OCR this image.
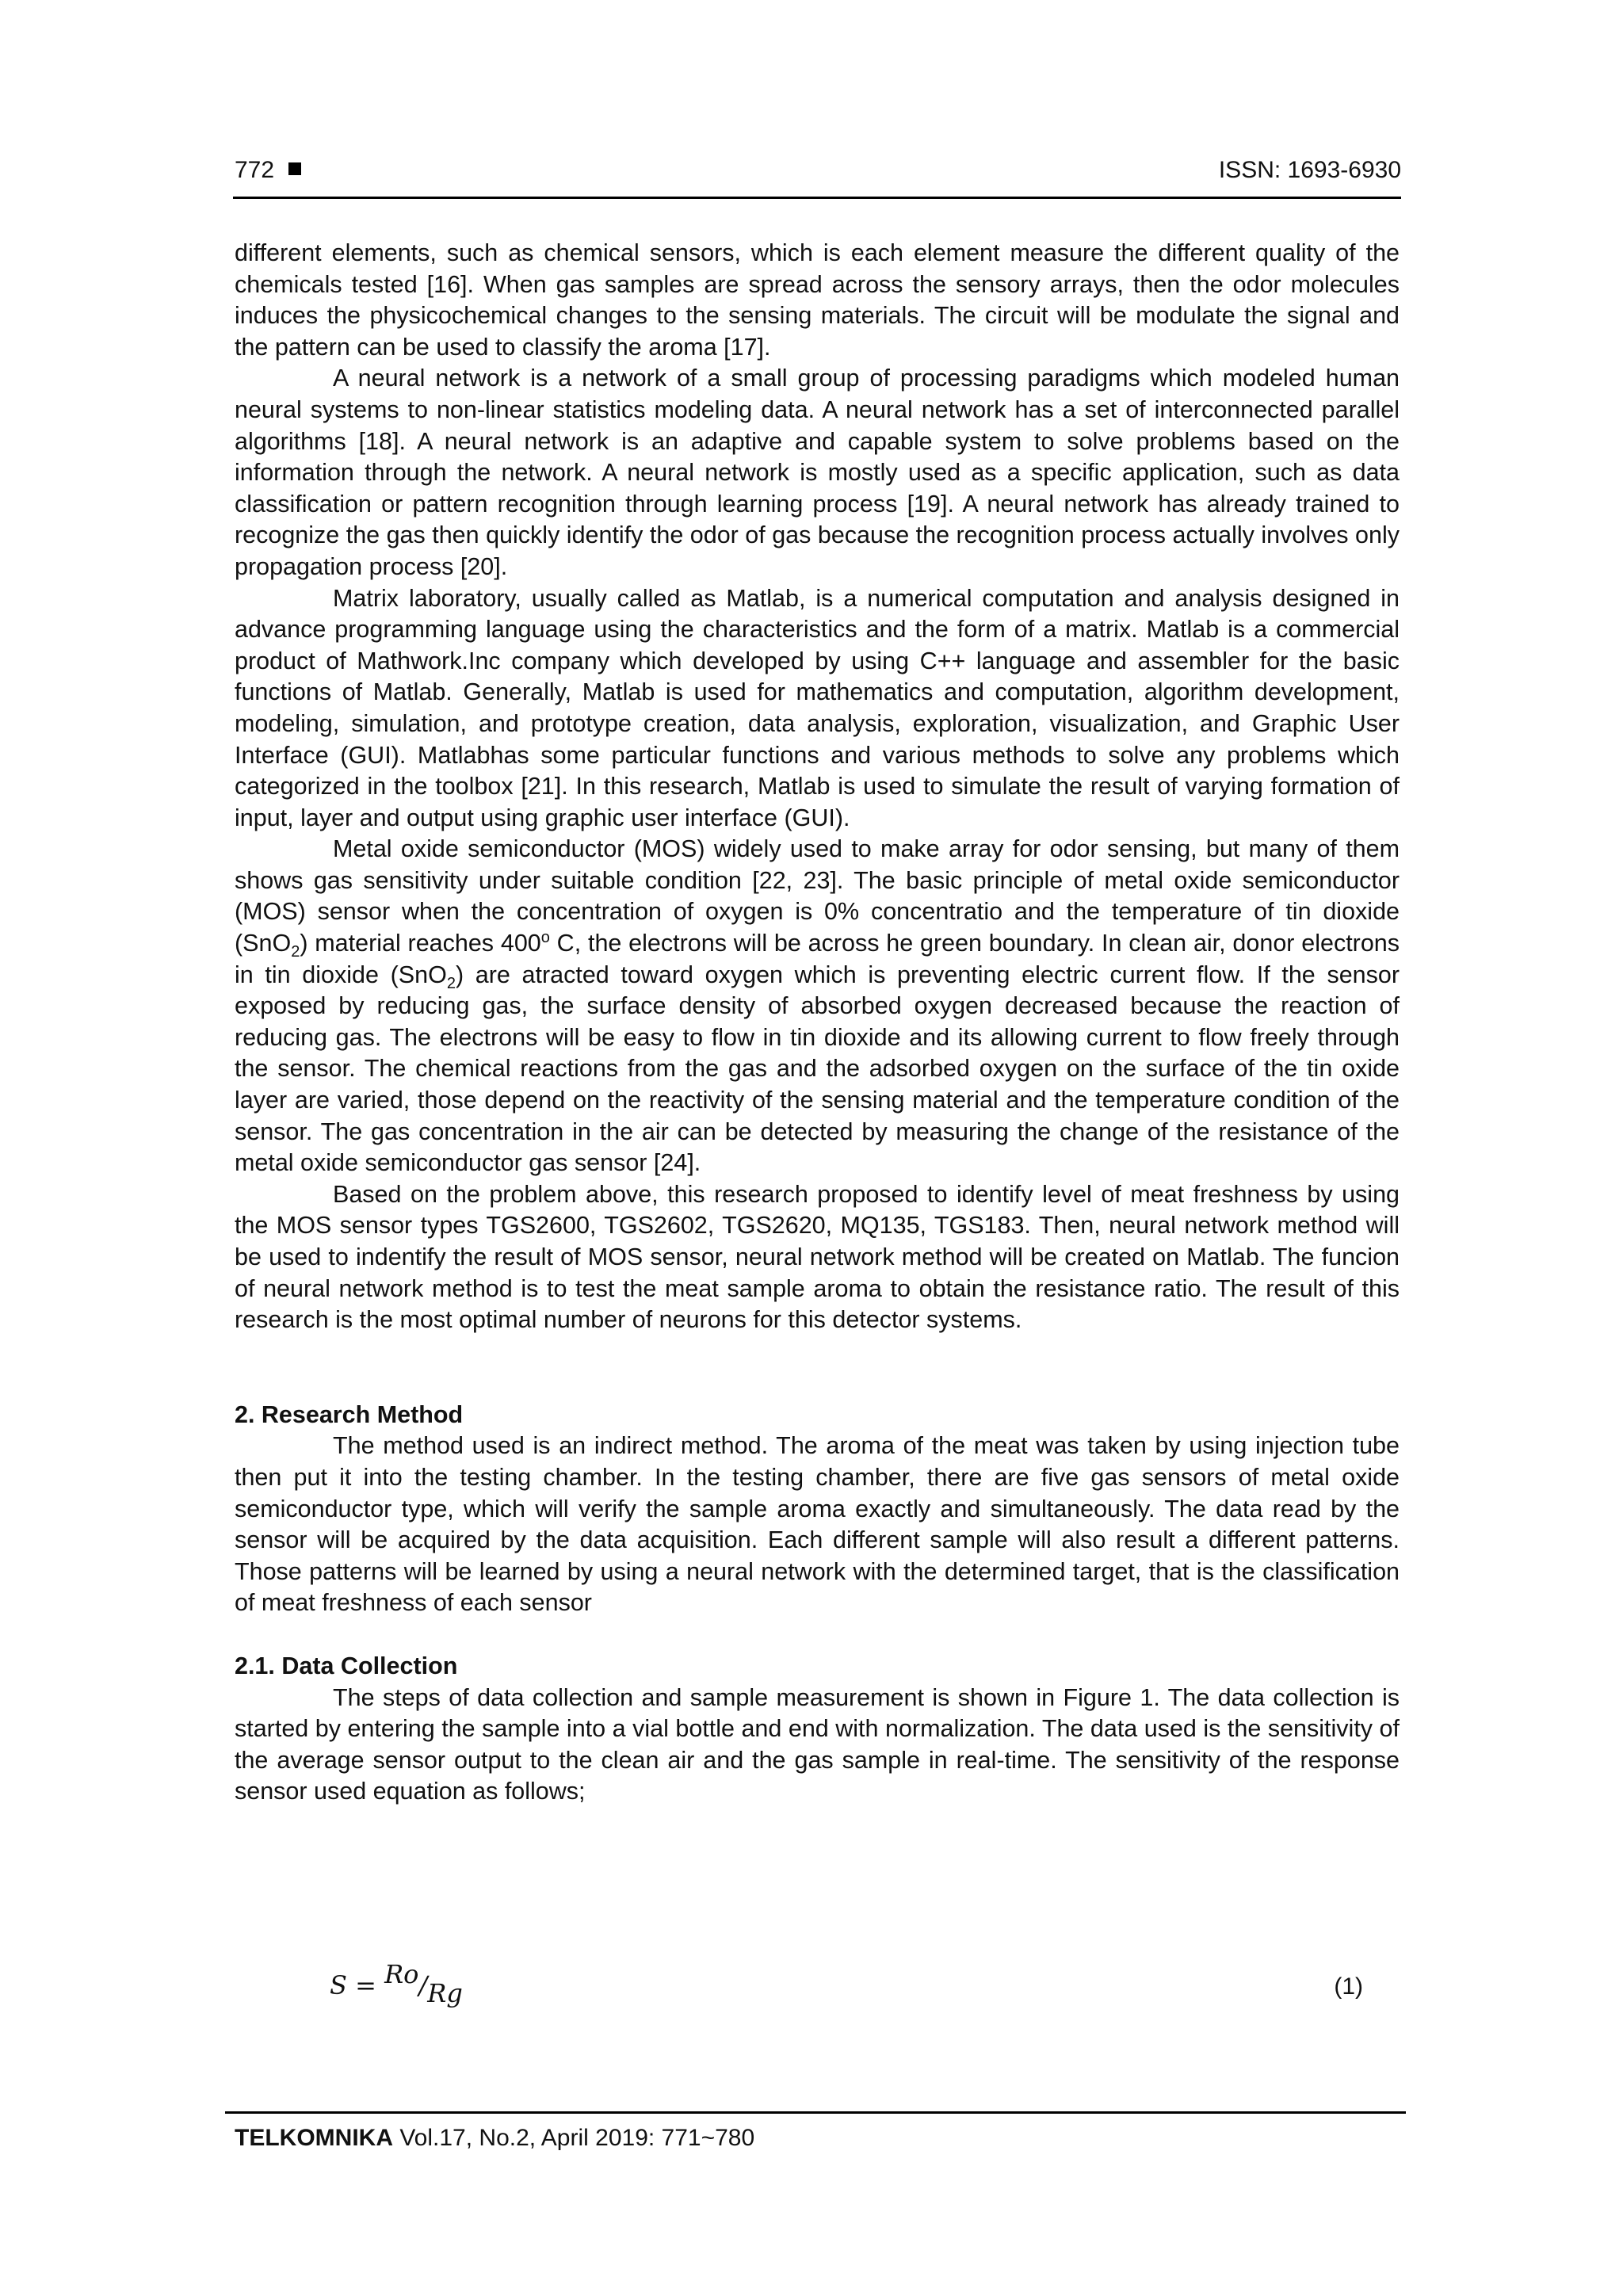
772	ISSN: 1693-6930

different elements, such as chemical sensors, which is each element measure the different quality of the chemicals tested [16]. When gas samples are spread across the sensory arrays, then the odor molecules induces the physicochemical changes to the sensing materials. The circuit will be modulate the signal and the pattern can be used to classify the aroma [17].

A neural network is a network of a small group of processing paradigms which modeled human neural systems to non-linear statistics modeling data. A neural network has a set of interconnected parallel algorithms [18]. A neural network is an adaptive and capable system to solve problems based on the information through the network. A neural network is mostly used as a specific application, such as data classification or pattern recognition through learning process [19]. A neural network has already trained to recognize the gas then quickly identify the odor of gas because the recognition process actually involves only propagation process [20].

Matrix laboratory, usually called as Matlab, is a numerical computation and analysis designed in advance programming language using the characteristics and the form of a matrix. Matlab is a commercial product of Mathwork.Inc company which developed by using C++ language and assembler for the basic functions of Matlab. Generally, Matlab is used for mathematics and computation, algorithm development, modeling, simulation, and prototype creation, data analysis, exploration, visualization, and Graphic User Interface (GUI). Matlabhas some particular functions and various methods to solve any problems which categorized in the toolbox [21]. In this research, Matlab is used to simulate the result of varying formation of input, layer and output using graphic user interface (GUI).

Metal oxide semiconductor (MOS) widely used to make array for odor sensing, but many of them shows gas sensitivity under suitable condition [22, 23]. The basic principle of metal oxide semiconductor (MOS) sensor when the concentration of oxygen is 0% concentratio and the temperature of tin dioxide (SnO$_2$) material reaches 400$^o$ C, the electrons will be across he green boundary. In clean air, donor electrons in tin dioxide (SnO$_2$) are atracted toward oxygen which is preventing electric current flow. If the sensor exposed by reducing gas, the surface density of absorbed oxygen decreased because the reaction of reducing gas. The electrons will be easy to flow in tin dioxide and its allowing current to flow freely through the sensor. The chemical reactions from the gas and the adsorbed oxygen on the surface of the tin oxide layer are varied, those depend on the reactivity of the sensing material and the temperature condition of the sensor. The gas concentration in the air can be detected by measuring the change of the resistance of the metal oxide semiconductor gas sensor [24].

Based on the problem above, this research proposed to identify level of meat freshness by using the MOS sensor types TGS2600, TGS2602, TGS2620, MQ135, TGS183. Then, neural network method will be used to indentify the result of MOS sensor, neural network method will be created on Matlab. The funcion of neural network method is to test the meat sample aroma to obtain the resistance ratio. The result of this research is the most optimal number of neurons for this detector systems.

2. Research Method

The method used is an indirect method. The aroma of the meat was taken by using injection tube then put it into the testing chamber. In the testing chamber, there are five gas sensors of metal oxide semiconductor type, which will verify the sample aroma exactly and simultaneously. The data read by the sensor will be acquired by the data acquisition. Each different sample will also result a different patterns. Those patterns will be learned by using a neural network with the determined target, that is the classification of meat freshness of each sensor

2.1. Data Collection

The steps of data collection and sample measurement is shown in Figure 1. The data collection is started by entering the sample into a vial bottle and end with normalization. The data used is the sensitivity of the average sensor output to the clean air and the gas sample in real-time. The sensitivity of the response sensor used equation as follows;

S = Ro/Rg	(1)
TELKOMNIKA Vol.17, No.2, April 2019: 771~780
